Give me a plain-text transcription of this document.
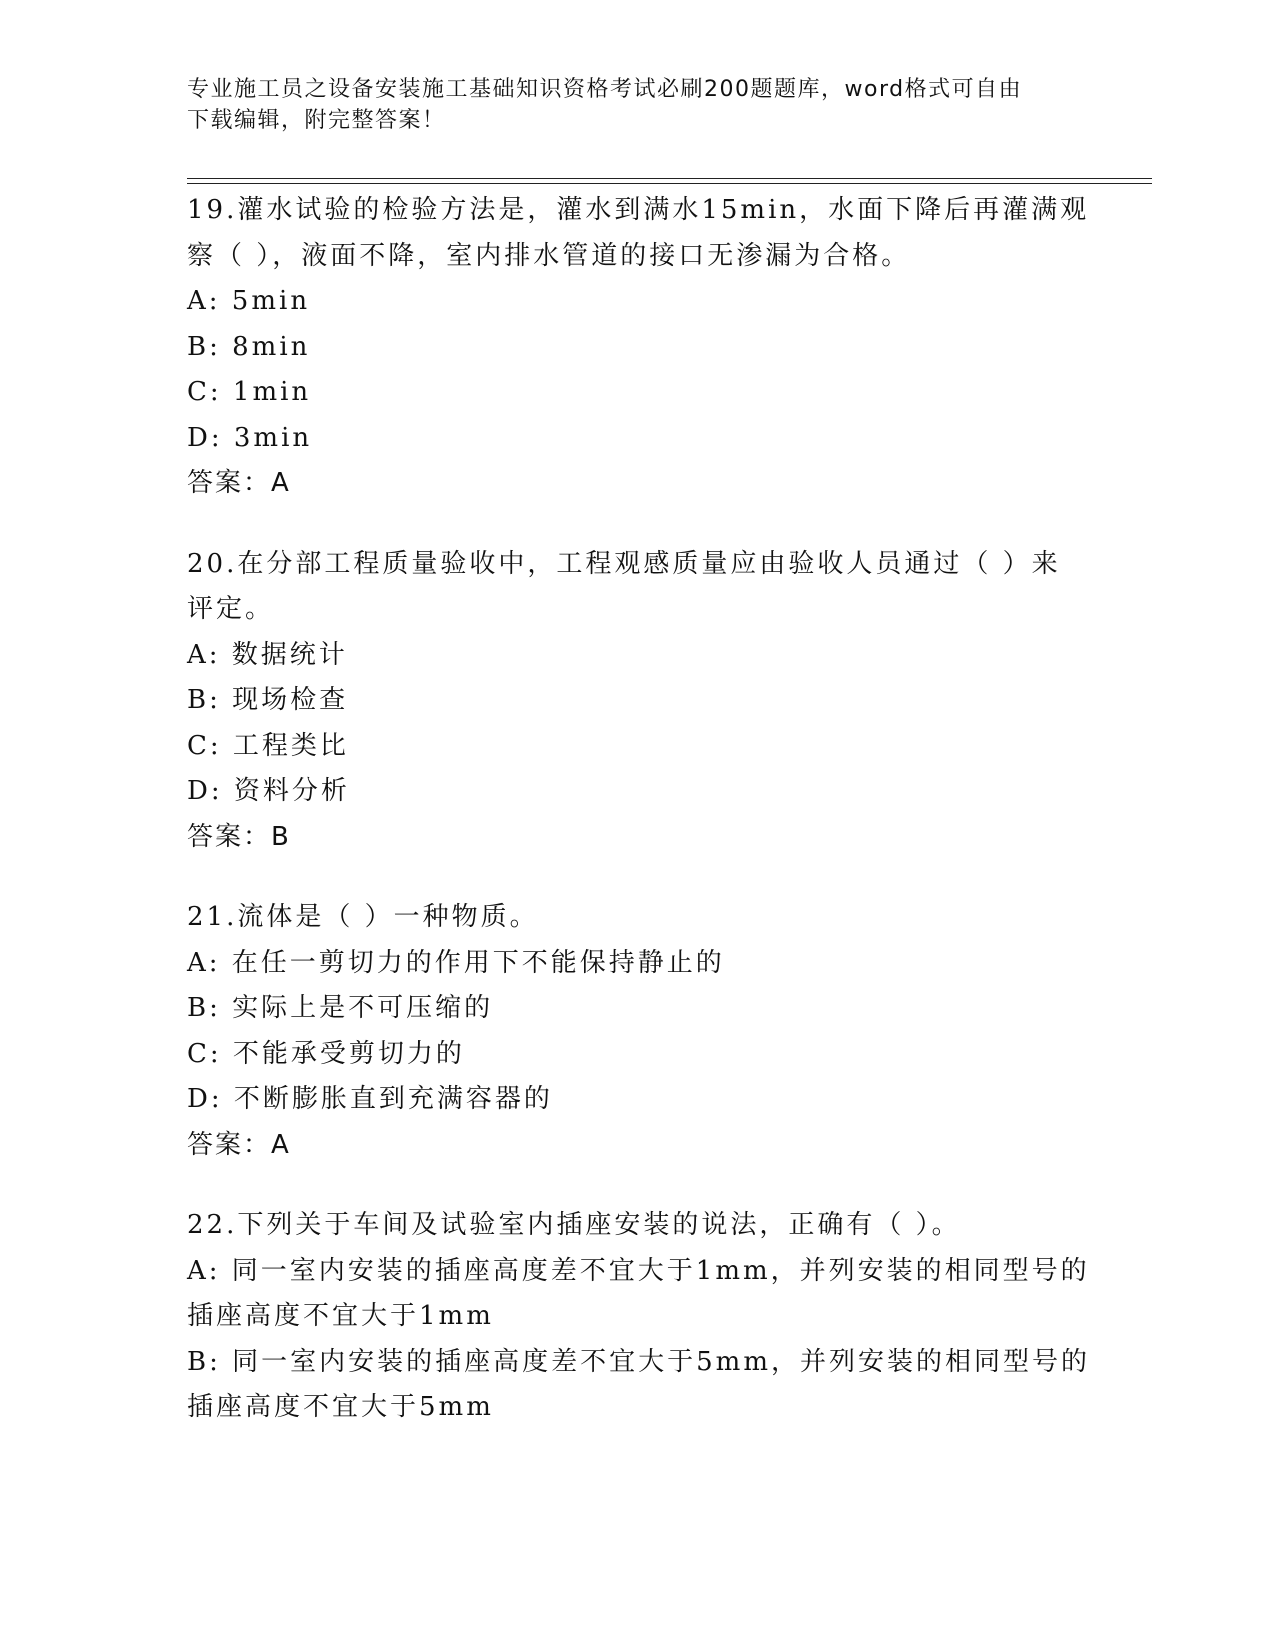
专业施工员之设备安装施工基础知识资格考试必刷200题题库，word格式可自由
下载编辑，附完整答案！
19.灌水试验的检验方法是，灌水到满水15min，水面下降后再灌满观
察（ ），液面不降，室内排水管道的接口无渗漏为合格。
A: 5min
B: 8min
C: 1min
D: 3min
答案：A
20.在分部工程质量验收中，工程观感质量应由验收人员通过（ ）来
评定。
A: 数据统计
B: 现场检查
C: 工程类比
D: 资料分析
答案：B
21.流体是（ ）一种物质。
A: 在任一剪切力的作用下不能保持静止的
B: 实际上是不可压缩的
C: 不能承受剪切力的
D: 不断膨胀直到充满容器的
答案：A
22.下列关于车间及试验室内插座安装的说法，正确有（ ）。
A: 同一室内安装的插座高度差不宜大于1mm，并列安装的相同型号的
插座高度不宜大于1mm
B: 同一室内安装的插座高度差不宜大于5mm，并列安装的相同型号的
插座高度不宜大于5mm
